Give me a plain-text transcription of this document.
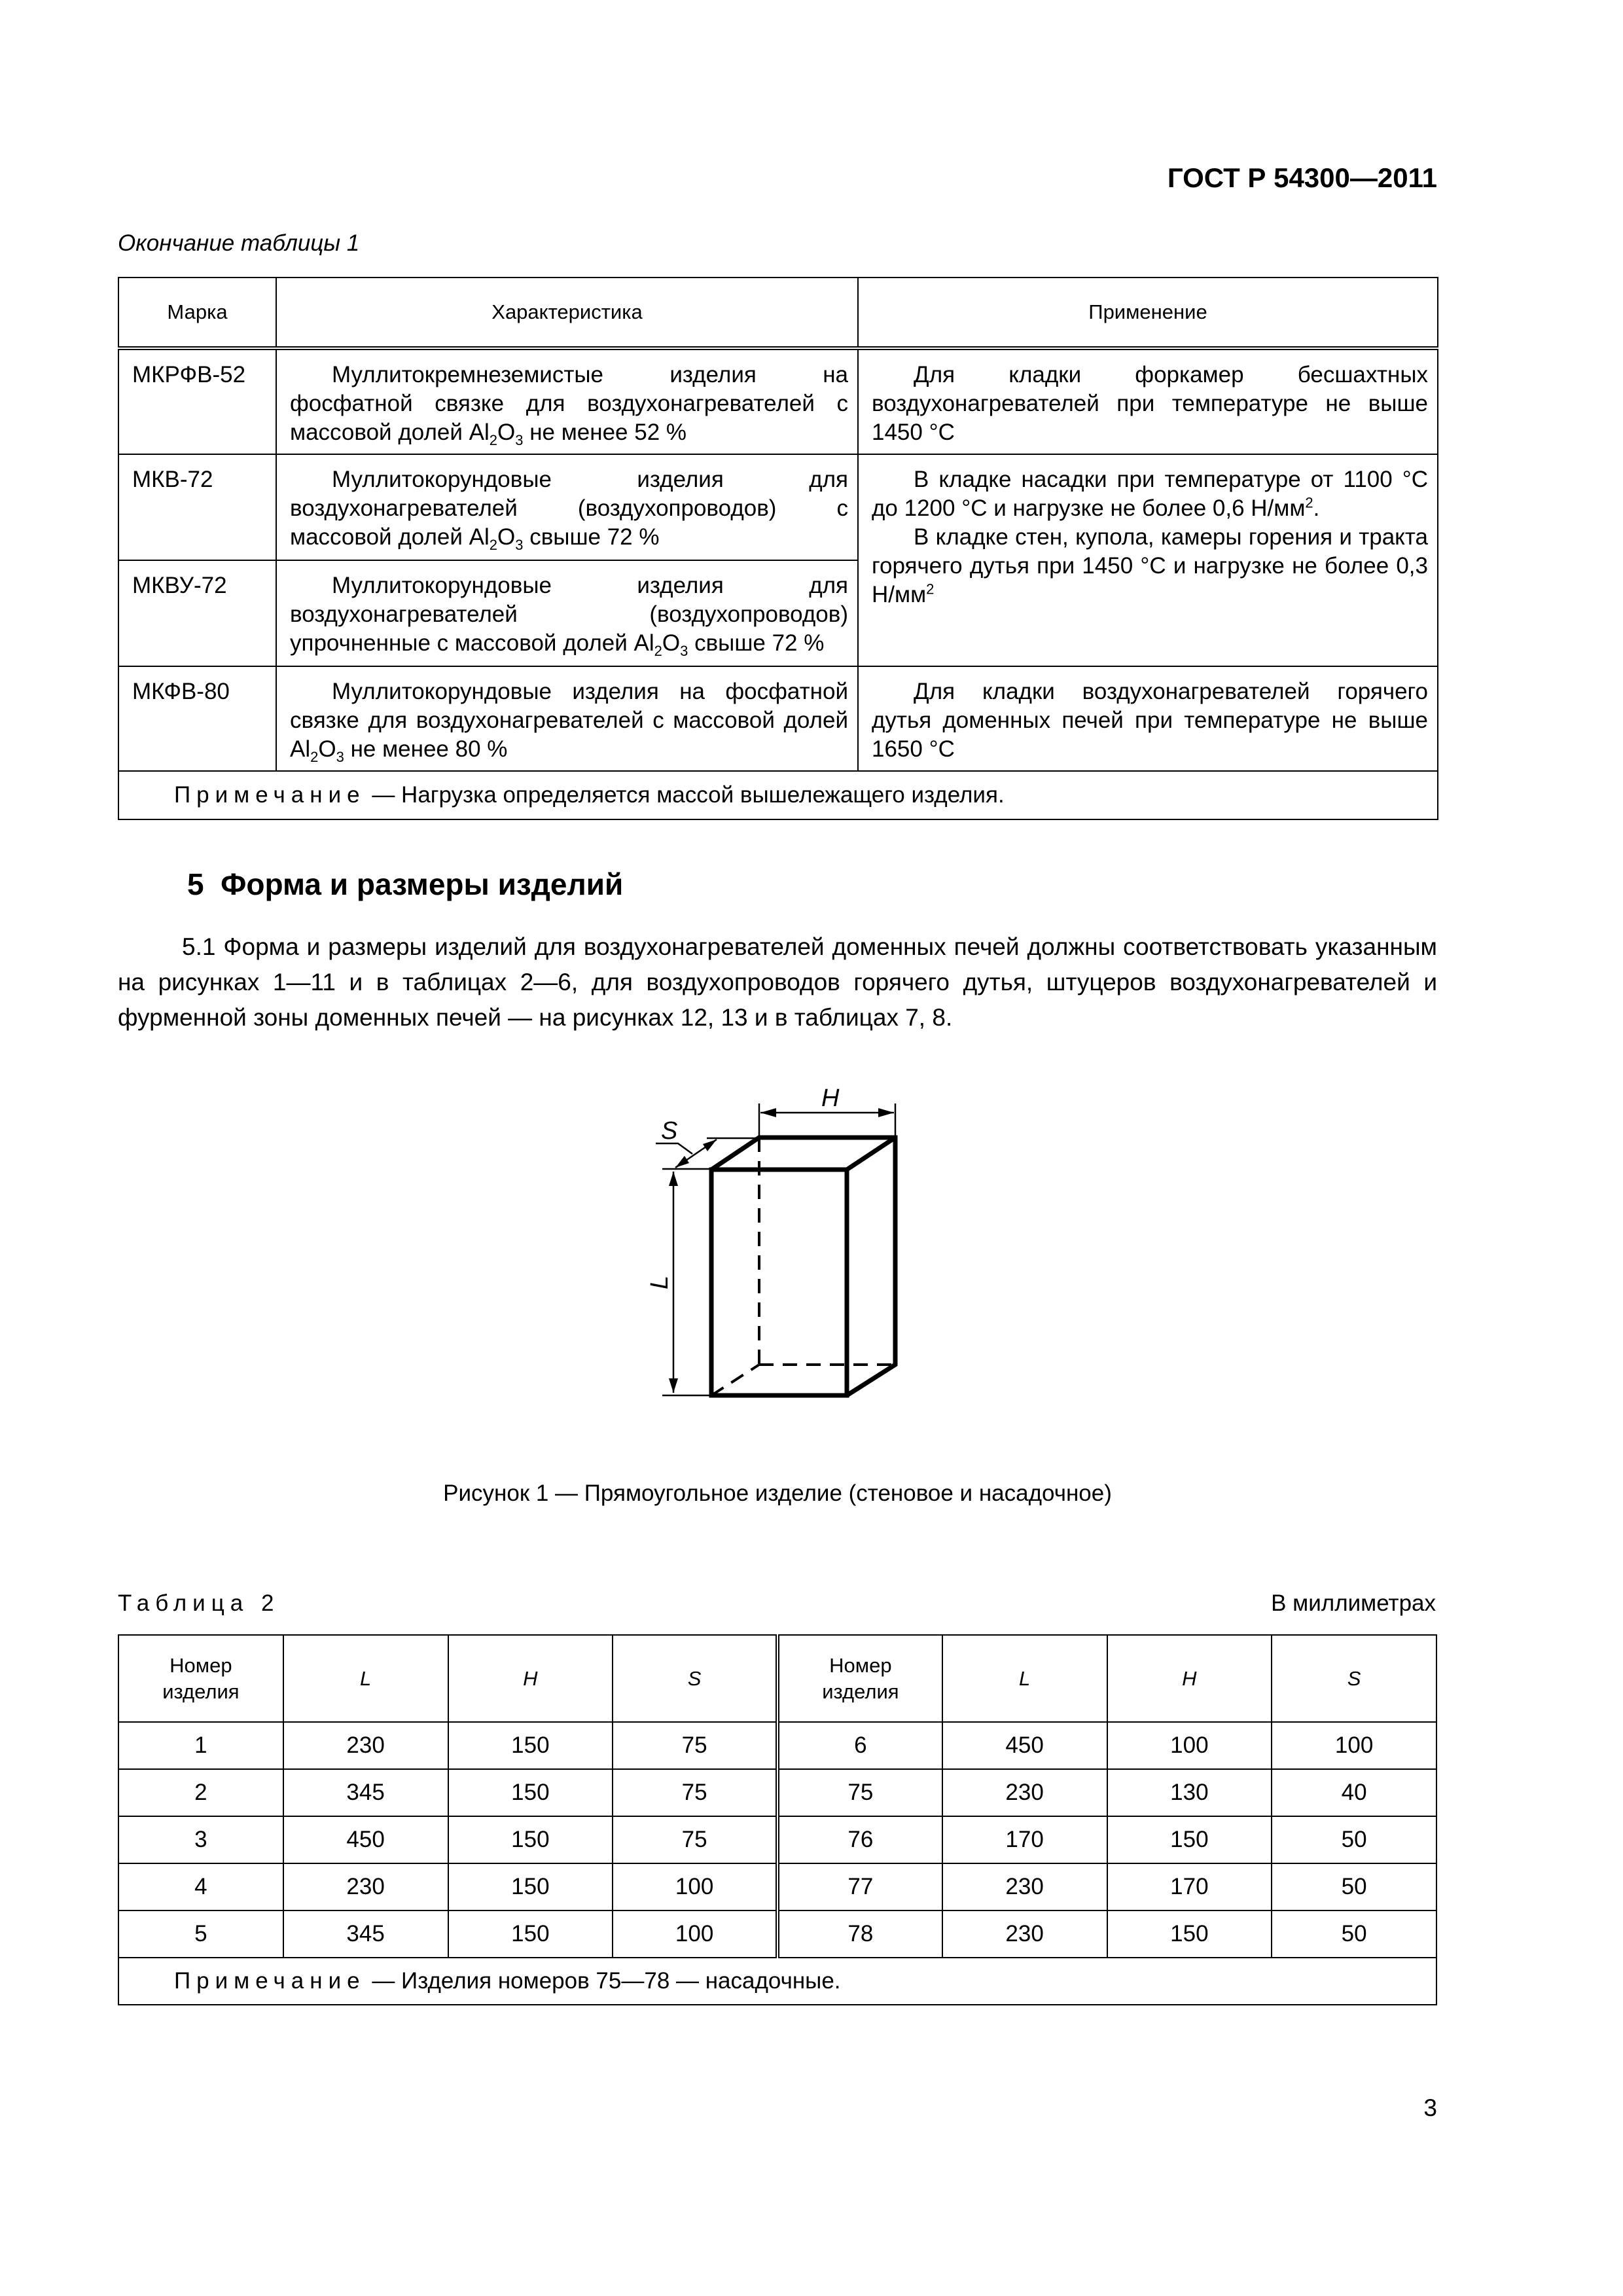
ГОСТ Р 54300—2011
Окончание таблицы 1
Марка	Характеристика	Применение
МКРФВ-52	Муллитокремнеземистые изделия на фосфатной связке для воздухонагревателей с массовой долей $Al_2O_3$ не менее 52 %	Для кладки форкамер бесшахтных воздухонагревателей при температуре не выше 1450 °С
МКВ-72	Муллитокорундовые изделия для воздухонагревателей (воздухопроводов) с массовой долей $Al_2O_3$ свыше 72 %	В кладке насадки при температуре от 1100 °С до 1200 °С и нагрузке не более 0,6 $Н/мм^2$.
В кладке стен, купола, камеры горения и тракта горячего дутья при 1450 °С и нагрузке не более 0,3 $Н/мм^2$

МКВУ-72	Муллитокорундовые изделия для воздухонагревателей (воздухопроводов) упрочненные с массовой долей $Al_2O_3$ свыше 72 %	
МКФВ-80	Муллитокорундовые изделия на фосфатной связке для воздухонагревателей с массовой долей $Al_2O_3$ не менее 80 %	Для кладки воздухонагревателей горячего дутья доменных печей при температуре не выше 1650 °С
Примечание — Нагрузка определяется массой вышележащего изделия.		
5  Форма и размеры изделий
5.1 Форма и размеры изделий для воздухонагревателей доменных печей должны соответствовать указанным на рисунках 1—11 и в таблицах 2—6, для воздухопроводов горячего дутья, штуцеров воздухонагревателей и фурменной зоны доменных печей — на рисунках 12, 13 и в таблицах 7, 8.
H
S
L
Рисунок 1 — Прямоугольное изделие (стеновое и насадочное)
Таблица 2	В миллиметрах
Номер изделия	L	H	S	Номер изделия	L	H	S
1	230	150	75	6	450	100	100
2	345	150	75	75	230	130	40
3	450	150	75	76	170	150	50
4	230	150	100	77	230	170	50
5	345	150	100	78	230	150	50
Примечание — Изделия номеров 75—78 — насадочные.							
3
